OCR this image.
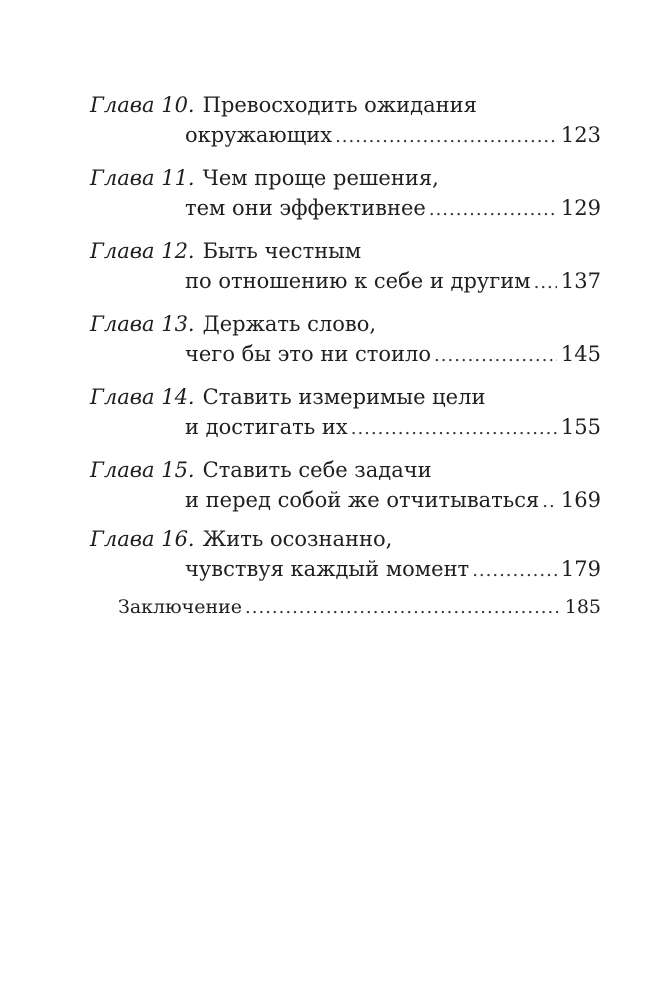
Глава 10. Превосходить ожидания
окружающих .....	123
Глава 11. Чем проще решения,
тем они эффективнее .....	129
Глава 12. Быть честным
по отношению к себе и другим ..... 137
Глава 13. Держать слово,
чего бы это ни стоило .....	145
Глава 14. Ставить измеримые цели
и достигать их .....	155
Глава 15. Ставить себе задачи
и перед собой же отчитываться ..... 169
Глава 16. Жить осознанно,
чувствуя каждый момент .....	179
Заключение .....	185
